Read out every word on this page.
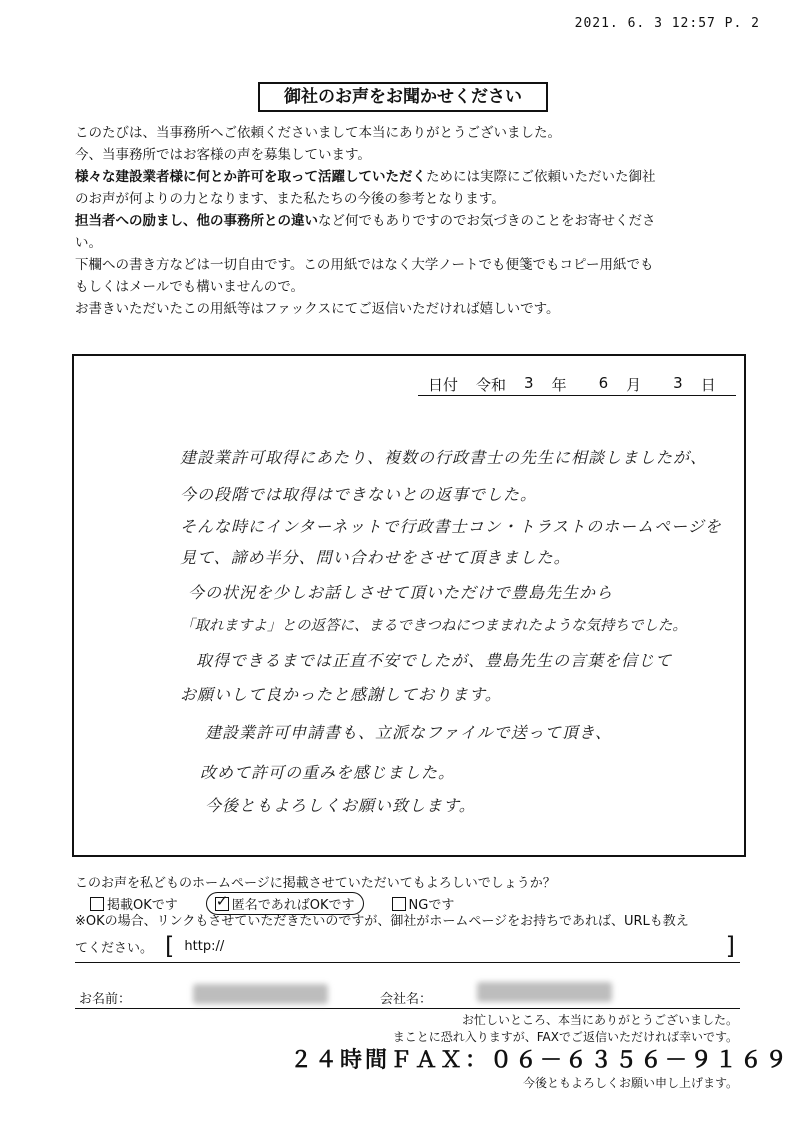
2021. 6. 3 12:57 P. 2
御社のお声をお聞かせください

このたびは、当事務所へご依頼くださいまして本当にありがとうございました。

今、当事務所ではお客様の声を募集しています。

様々な建設業者様に何とか許可を取って活躍していただくためには実際にご依頼いただいた御社

のお声が何よりの力となります、また私たちの今後の参考となります。

担当者への励まし、他の事務所との違いなど何でもありですのでお気づきのことをお寄せくださ

い。

下欄への書き方などは一切自由です。この用紙ではなく大学ノートでも便箋でもコピー用紙でも

もしくはメールでも構いませんので。

お書きいただいたこの用紙等はファックスにてご返信いただければ嬉しいです。

日付 令和 3 年 6 月 3 日
建設業許可取得にあたり、複数の行政書士の先生に相談しましたが、
今の段階では取得はできないとの返事でした。
そんな時にインターネットで行政書士コン・トラストのホームページを
見て、諦め半分、問い合わせをさせて頂きました。
今の状況を少しお話しさせて頂いただけで豊島先生から
「取れますよ」との返答に、まるできつねにつままれたような気持ちでした。
取得できるまでは正直不安でしたが、豊島先生の言葉を信じて
お願いして良かったと感謝しております。
建設業許可申請書も、立派なファイルで送って頂き、
改めて許可の重みを感じました。
今後ともよろしくお願い致します。
このお声を私どものホームページに掲載させていただいてもよろしいでしょうか？
掲載OKです
✓	匿名であればOKです	NGです
※OKの場合、リンクもさせていただきたいのですが、御社がホームページをお持ちであれば、URLも教え
てください。 [ http://	]
お名前：	会社名：
お忙しいところ、本当にありがとうございました。
まことに恐れ入りますが、FAXでご返信いただければ幸いです。
２４時間ＦＡＸ：０６－６３５６－９１６９
今後ともよろしくお願い申し上げます。
